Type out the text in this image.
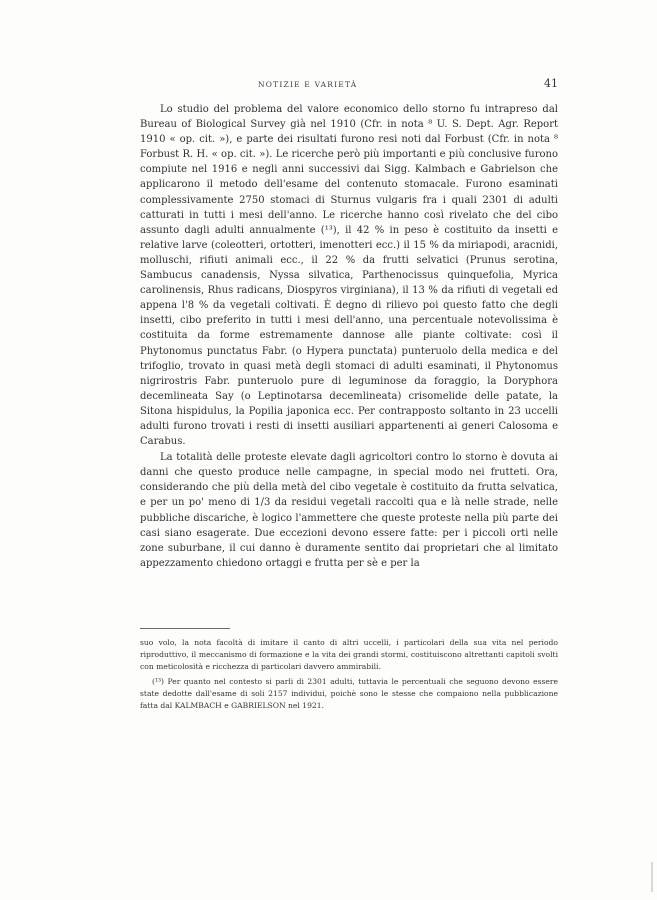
NOTIZIE E VARIETÀ	41

Lo studio del problema del valore economico dello storno fu intrapreso dal Bureau of Biological Survey già nel 1910 (Cfr. in nota ⁸ U. S. Dept. Agr. Report 1910 « op. cit. »), e parte dei risultati furono resi noti dal Forbust (Cfr. in nota ⁸ Forbust R. H. « op. cit. »). Le ricerche però più importanti e più conclusive furono compiute nel 1916 e negli anni successivi dai Sigg. Kalmbach e Gabrielson che applicarono il metodo dell'esame del contenuto stomacale. Furono esaminati complessivamente 2750 stomaci di Sturnus vulgaris fra i quali 2301 di adulti catturati in tutti i mesi dell'anno. Le ricerche hanno così rivelato che del cibo assunto dagli adulti annualmente (¹³), il 42 % in peso è costituito da insetti e relative larve (coleotteri, ortotteri, imenotteri ecc.) il 15 % da miriapodi, aracnidi, molluschi, rifiuti animali ecc., il 22 % da frutti selvatici (Prunus serotina, Sambucus canadensis, Nyssa silvatica, Parthenocissus quinquefolia, Myrica carolinensis, Rhus radicans, Diospyros virginiana), il 13 % da rifiuti di vegetali ed appena l'8 % da vegetali coltivati. È degno di rilievo poi questo fatto che degli insetti, cibo preferito in tutti i mesi dell'anno, una percentuale notevolissima è costituita da forme estremamente dannose alle piante coltivate: così il Phytonomus punctatus Fabr. (o Hypera punctata) punteruolo della medica e del trifoglio, trovato in quasi metà degli stomaci di adulti esaminati, il Phytonomus nigrirostris Fabr. punteruolo pure di leguminose da foraggio, la Doryphora decemlineata Say (o Leptinotarsa decemlineata) crisomelide delle patate, la Sitona hispidulus, la Popilia japonica ecc. Per contrapposto soltanto in 23 uccelli adulti furono trovati i resti di insetti ausiliari appartenenti ai generi Calosoma e Carabus.

La totalità delle proteste elevate dagli agricoltori contro lo storno è dovuta ai danni che questo produce nelle campagne, in special modo nei frutteti. Ora, considerando che più della metà del cibo vegetale è costituito da frutta selvatica, e per un po' meno di 1/3 da residui vegetali raccolti qua e là nelle strade, nelle pubbliche discariche, è logico l'ammettere che queste proteste nella più parte dei casi siano esagerate. Due eccezioni devono essere fatte: per i piccoli orti nelle zone suburbane, il cui danno è duramente sentito dai proprietari che al limitato appezzamento chiedono ortaggi e frutta per sè e per la

suo volo, la nota facoltà di imitare il canto di altri uccelli, i particolari della sua vita nel periodo riproduttivo, il meccanismo di formazione e la vita dei grandi stormi, costituiscono altrettanti capitoli svolti con meticolosità e ricchezza di particolari davvero ammirabili.

(¹³) Per quanto nel contesto si parli di 2301 adulti, tuttavia le percentuali che seguono devono essere state dedotte dall'esame di soli 2157 individui, poichè sono le stesse che compaiono nella pubblicazione fatta dal KALMBACH e GABRIELSON nel 1921.
